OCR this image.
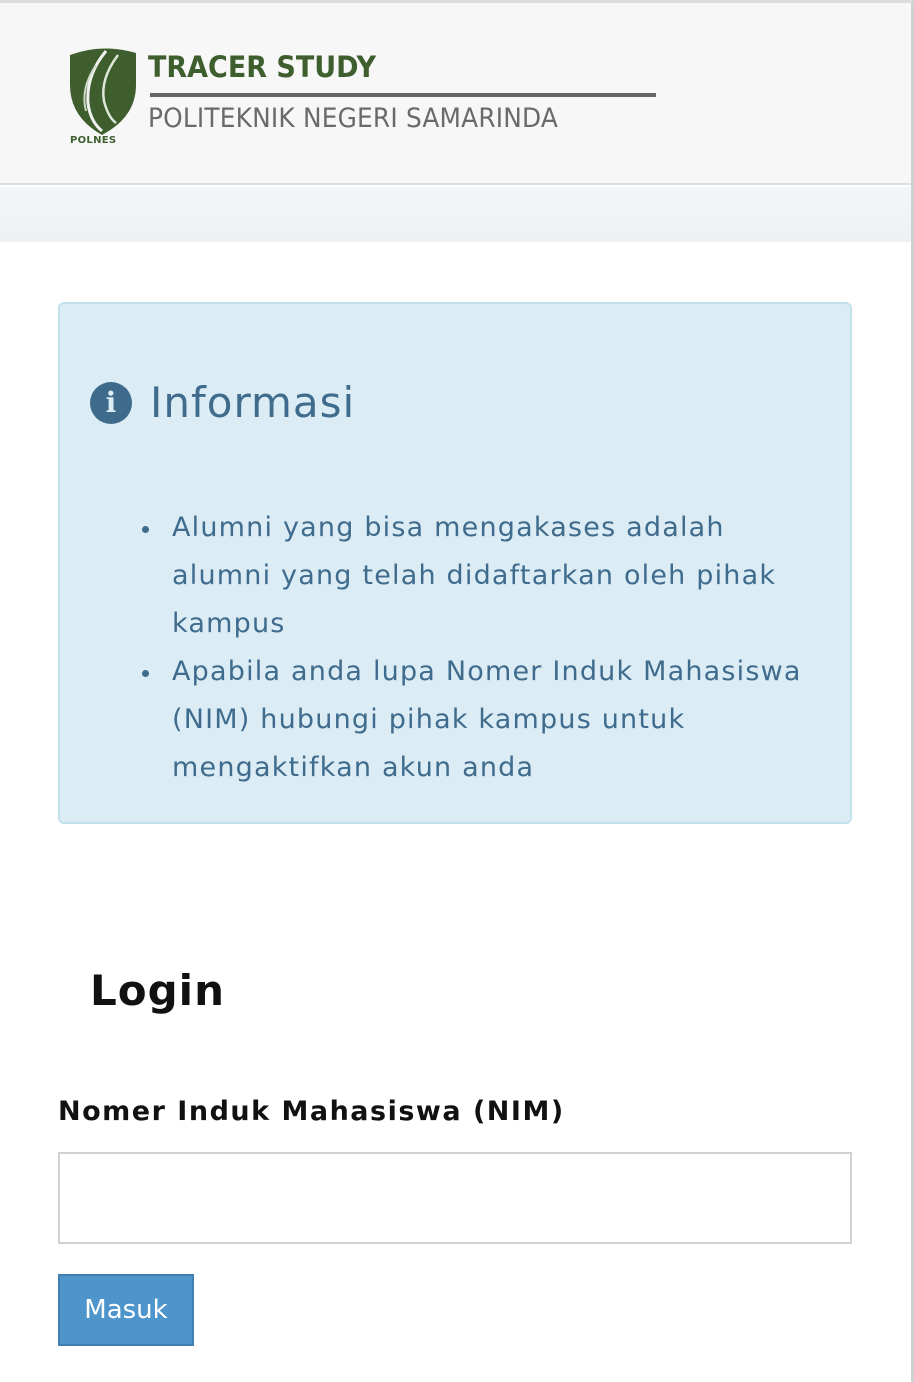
POLNES
TRACER STUDY
POLITEKNIK NEGERI SAMARINDA
i Informasi
Alumni yang bisa mengakases adalah alumni yang telah didaftarkan oleh pihak kampus
Apabila anda lupa Nomer Induk Mahasiswa (NIM) hubungi pihak kampus untuk mengaktifkan akun anda
Login
Nomer Induk Mahasiswa (NIM)
Masuk
